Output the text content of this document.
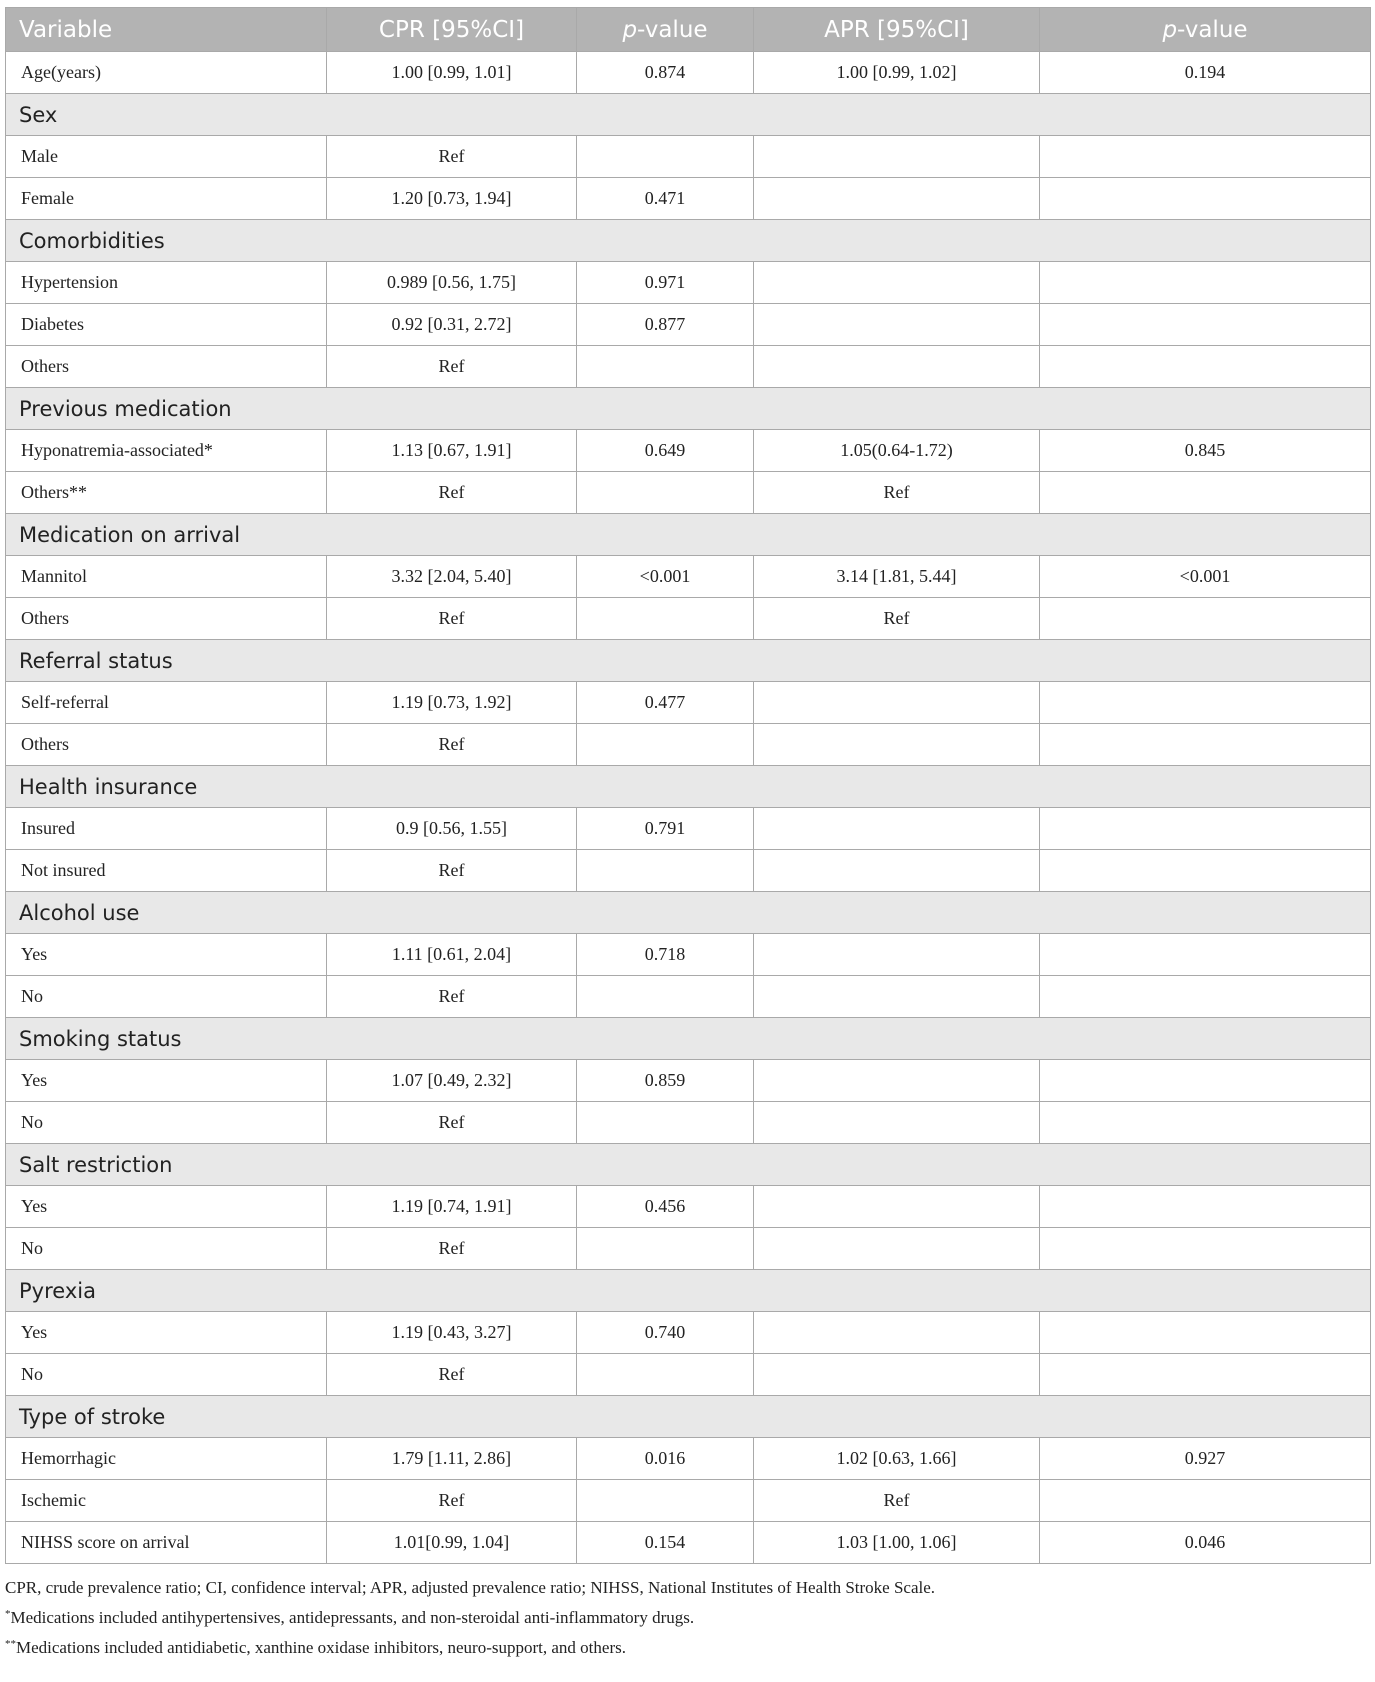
Variable	CPR [95%CI]	p-value	APR [95%CI]	p-value
Age(years)	1.00 [0.99, 1.01]	0.874	1.00 [0.99, 1.02]	0.194
Sex				
Male	Ref			
Female	1.20 [0.73, 1.94]	0.471		
Comorbidities				
Hypertension	0.989 [0.56, 1.75]	0.971		
Diabetes	0.92 [0.31, 2.72]	0.877		
Others	Ref			
Previous medication				
Hyponatremia-associated*	1.13 [0.67, 1.91]	0.649	1.05(0.64-1.72)	0.845
Others**	Ref		Ref	
Medication on arrival				
Mannitol	3.32 [2.04, 5.40]	<0.001	3.14 [1.81, 5.44]	<0.001
Others	Ref		Ref	
Referral status				
Self-referral	1.19 [0.73, 1.92]	0.477		
Others	Ref			
Health insurance				
Insured	0.9 [0.56, 1.55]	0.791		
Not insured	Ref			
Alcohol use				
Yes	1.11 [0.61, 2.04]	0.718		
No	Ref			
Smoking status				
Yes	1.07 [0.49, 2.32]	0.859		
No	Ref			
Salt restriction				
Yes	1.19 [0.74, 1.91]	0.456		
No	Ref			
Pyrexia				
Yes	1.19 [0.43, 3.27]	0.740		
No	Ref			
Type of stroke				
Hemorrhagic	1.79 [1.11, 2.86]	0.016	1.02 [0.63, 1.66]	0.927
Ischemic	Ref		Ref	
NIHSS score on arrival	1.01[0.99, 1.04]	0.154	1.03 [1.00, 1.06]	0.046
CPR, crude prevalence ratio; CI, confidence interval; APR, adjusted prevalence ratio; NIHSS, National Institutes of Health Stroke Scale.
*Medications included antihypertensives, antidepressants, and non-steroidal anti-inflammatory drugs.
**Medications included antidiabetic, xanthine oxidase inhibitors, neuro-support, and others.
